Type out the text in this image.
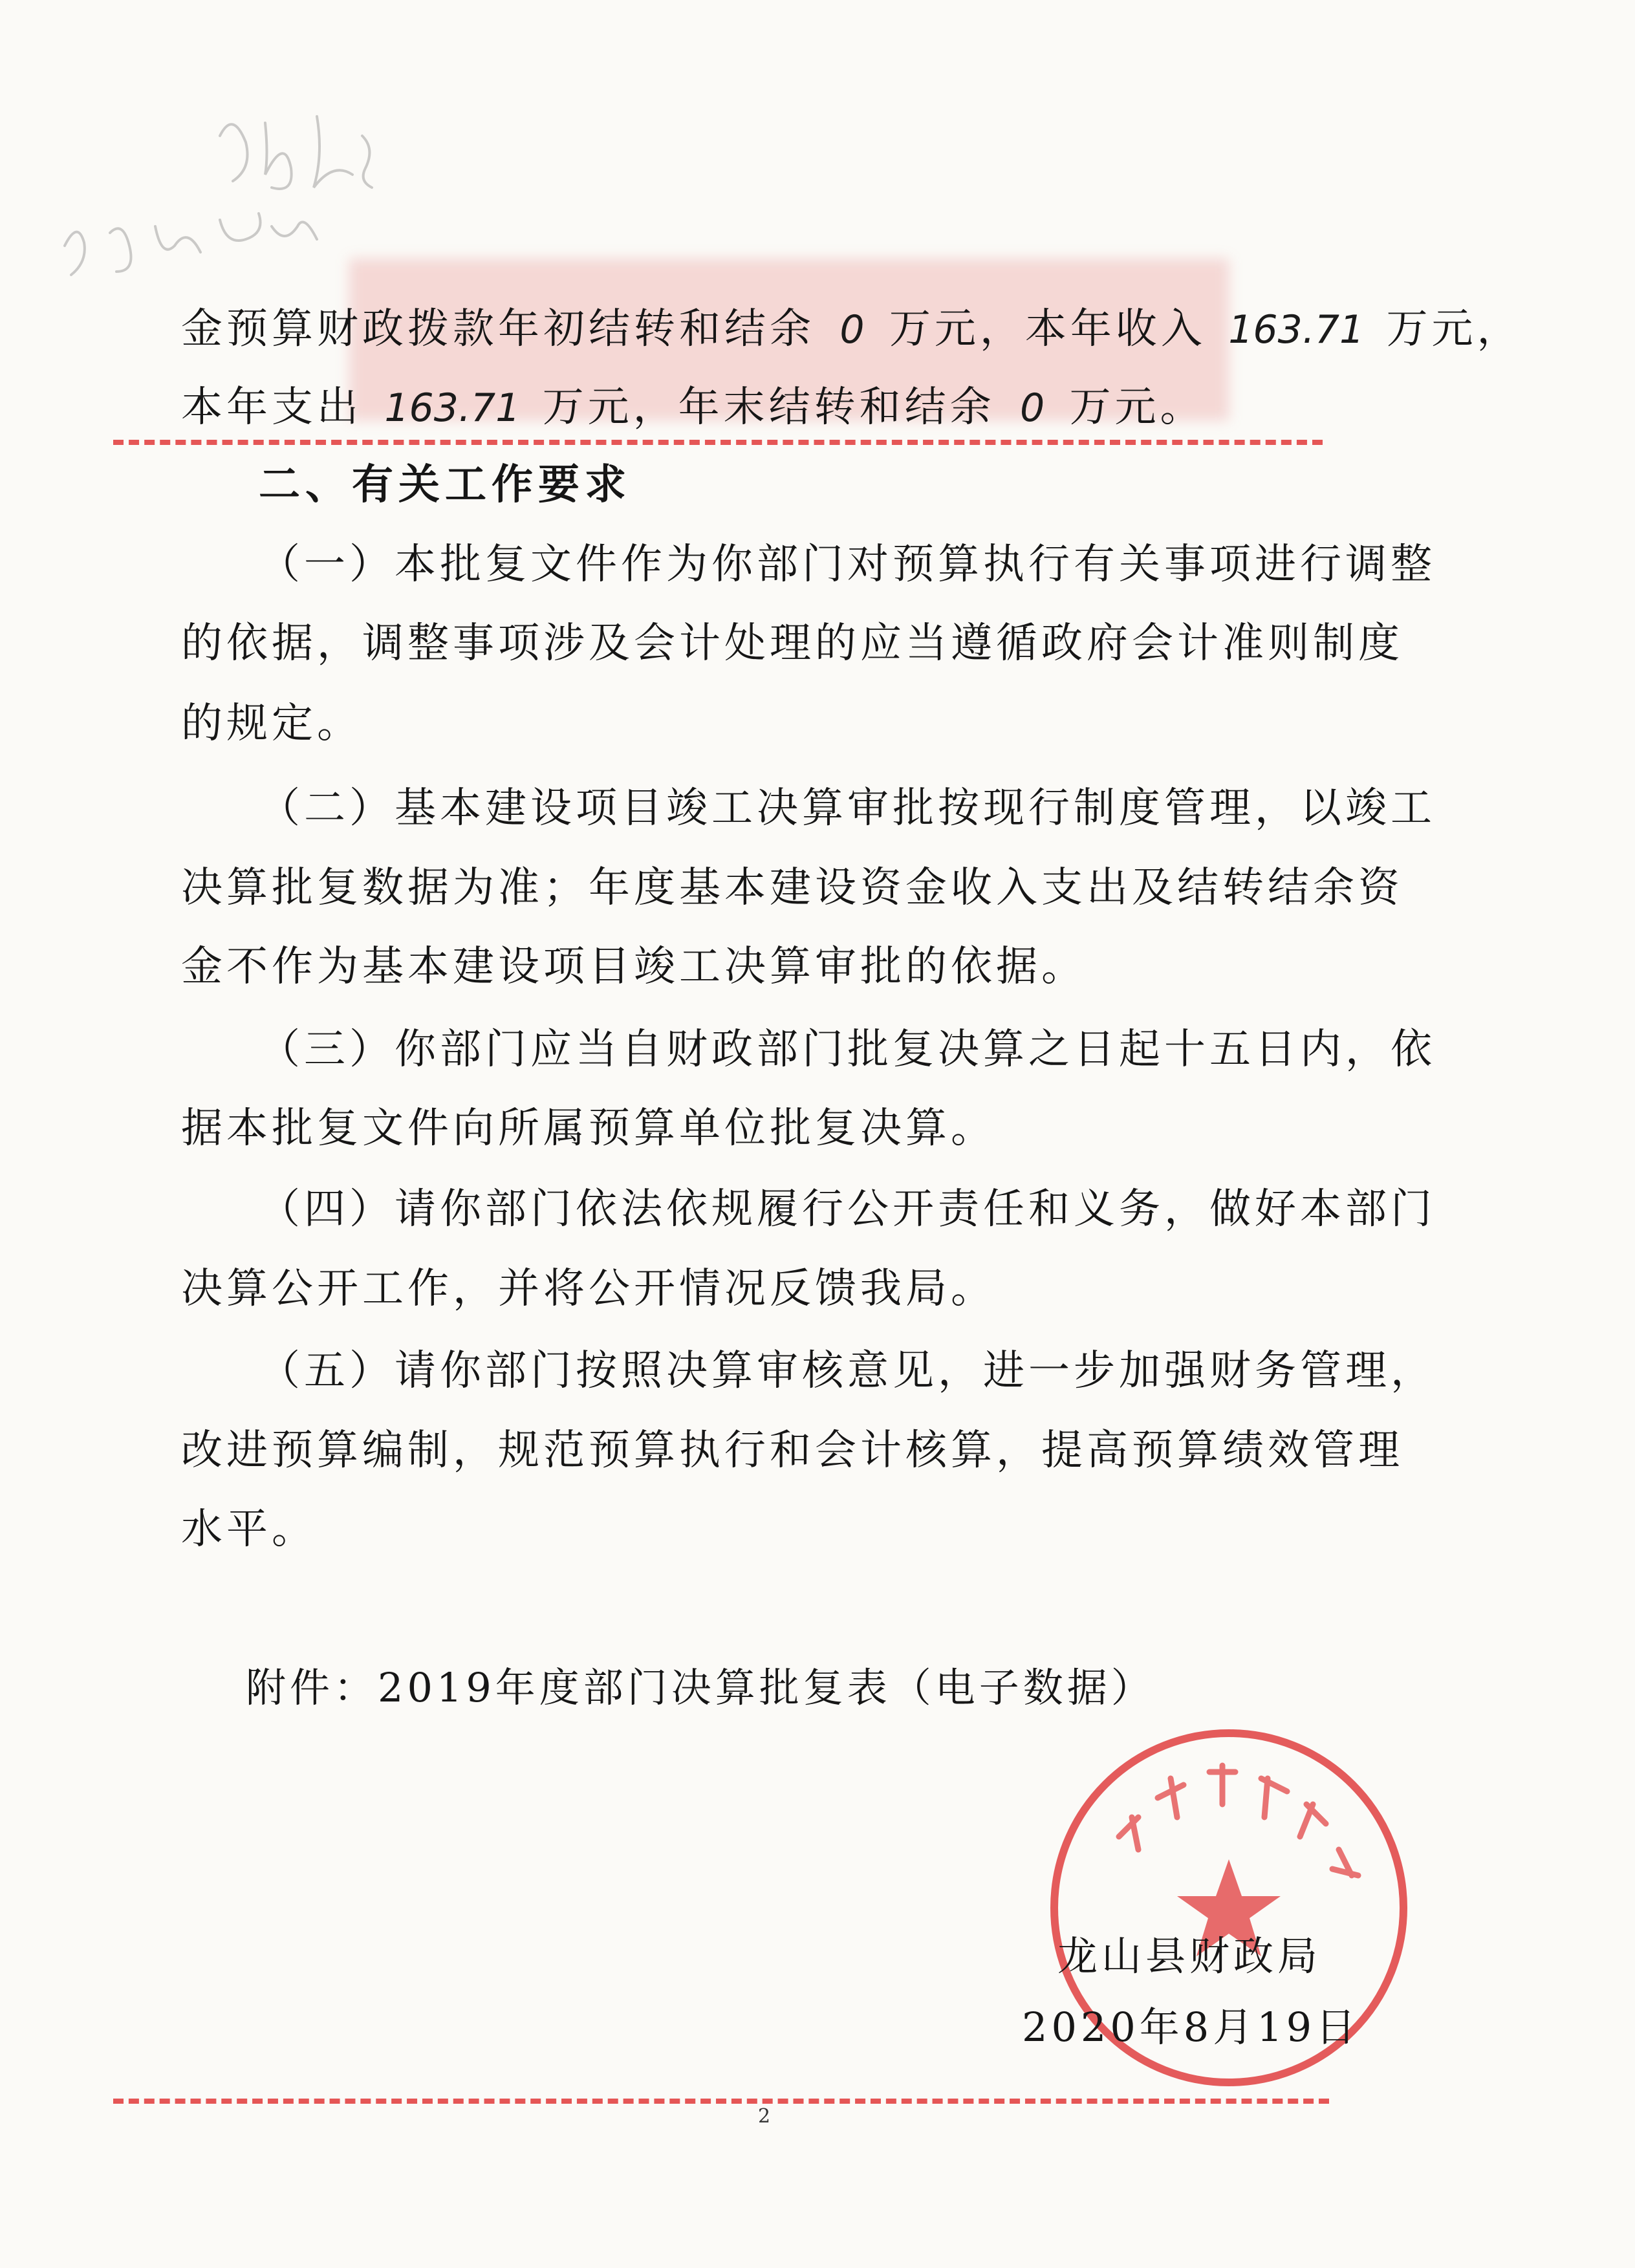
金预算财政拨款年初结转和结余 0 万元，本年收入 163.71 万元，
本年支出 163.71 万元，年末结转和结余 0 万元。
二、有关工作要求
（一）本批复文件作为你部门对预算执行有关事项进行调整
的依据，调整事项涉及会计处理的应当遵循政府会计准则制度
的规定。
（二）基本建设项目竣工决算审批按现行制度管理，以竣工
决算批复数据为准；年度基本建设资金收入支出及结转结余资
金不作为基本建设项目竣工决算审批的依据。
（三）你部门应当自财政部门批复决算之日起十五日内，依
据本批复文件向所属预算单位批复决算。
（四）请你部门依法依规履行公开责任和义务，做好本部门
决算公开工作，并将公开情况反馈我局。
（五）请你部门按照决算审核意见，进一步加强财务管理，
改进预算编制，规范预算执行和会计核算，提高预算绩效管理
水平。
附件：2019年度部门决算批复表（电子数据）
龙山县财政局
2020年8月19日
2
